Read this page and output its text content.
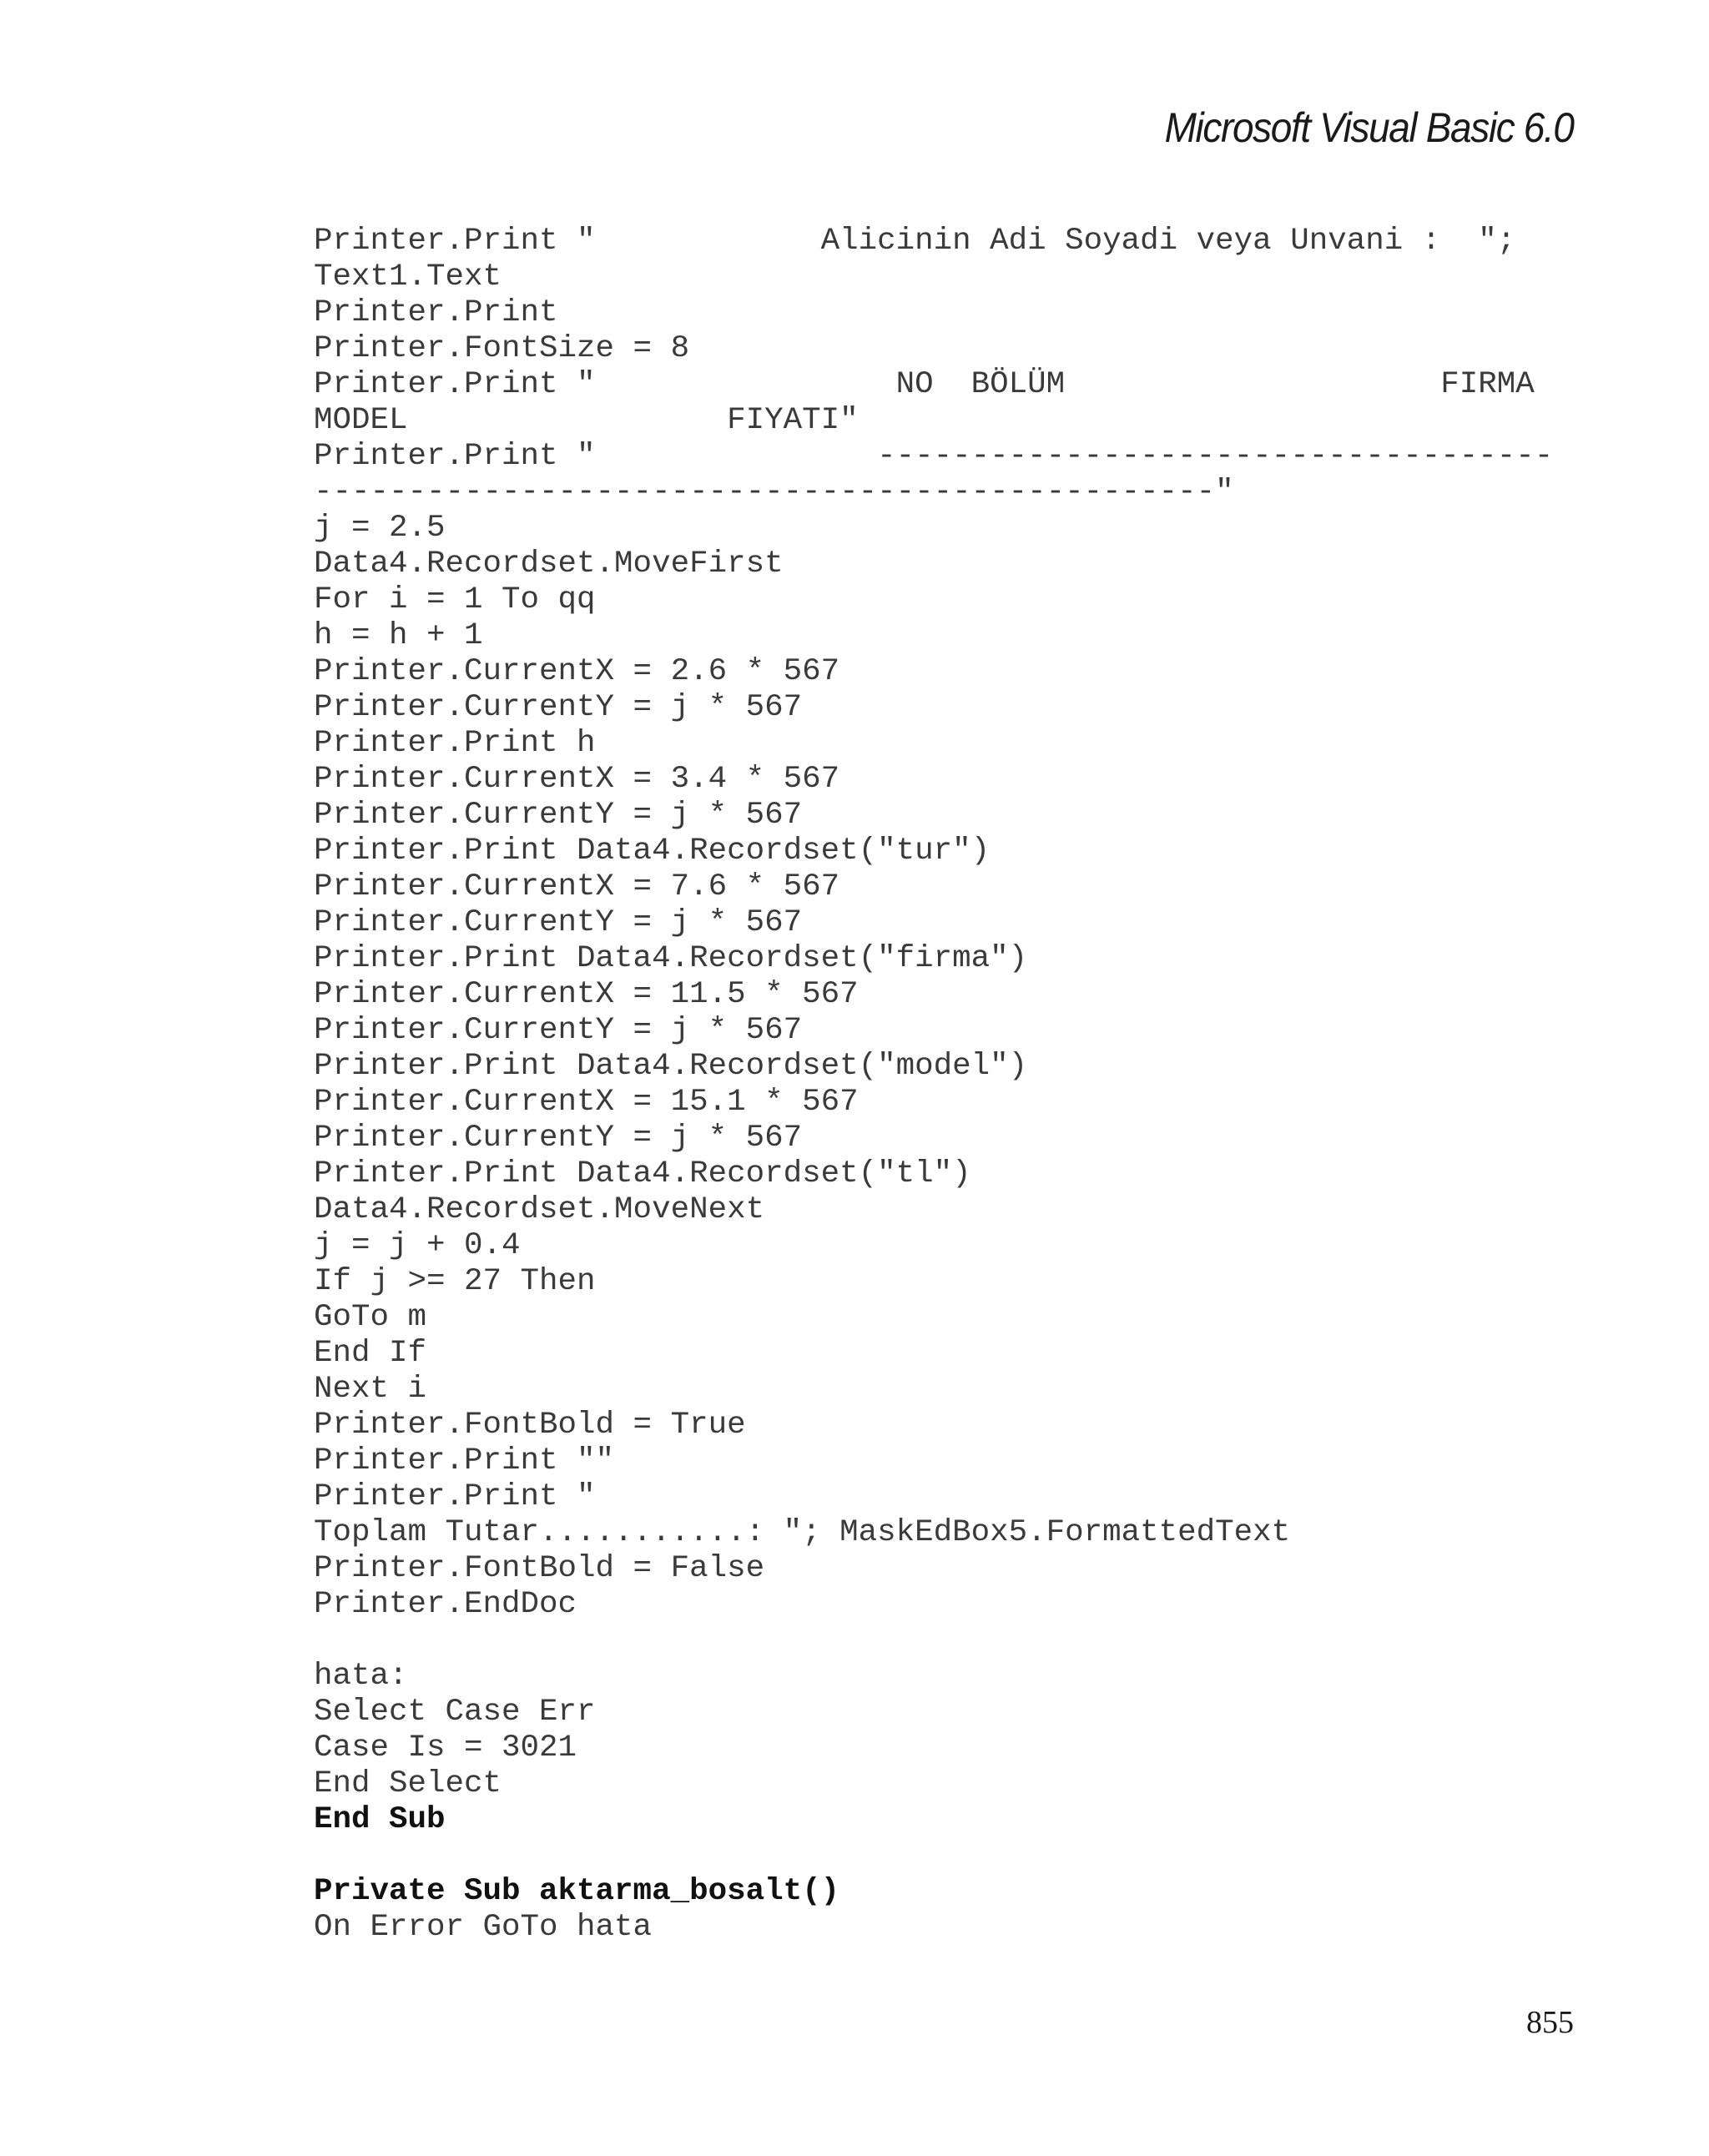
Microsoft Visual Basic 6.0
Printer.Print "            Alicinin Adi Soyadi veya Unvani :  ";
Text1.Text
Printer.Print
Printer.FontSize = 8
Printer.Print "                NO  BÖLÜM                    FIRMA
MODEL                 FIYATI"
Printer.Print "               ------------------------------------
------------------------------------------------"
j = 2.5
Data4.Recordset.MoveFirst
For i = 1 To qq
h = h + 1
Printer.CurrentX = 2.6 * 567
Printer.CurrentY = j * 567
Printer.Print h
Printer.CurrentX = 3.4 * 567
Printer.CurrentY = j * 567
Printer.Print Data4.Recordset("tur")
Printer.CurrentX = 7.6 * 567
Printer.CurrentY = j * 567
Printer.Print Data4.Recordset("firma")
Printer.CurrentX = 11.5 * 567
Printer.CurrentY = j * 567
Printer.Print Data4.Recordset("model")
Printer.CurrentX = 15.1 * 567
Printer.CurrentY = j * 567
Printer.Print Data4.Recordset("tl")
Data4.Recordset.MoveNext
j = j + 0.4
If j >= 27 Then
GoTo m
End If
Next i
Printer.FontBold = True
Printer.Print ""
Printer.Print "
Toplam Tutar...........: "; MaskEdBox5.FormattedText
Printer.FontBold = False
Printer.EndDoc
hata:
Select Case Err
Case Is = 3021
End Select
End Sub
Private Sub aktarma_bosalt()
On Error GoTo hata
855
